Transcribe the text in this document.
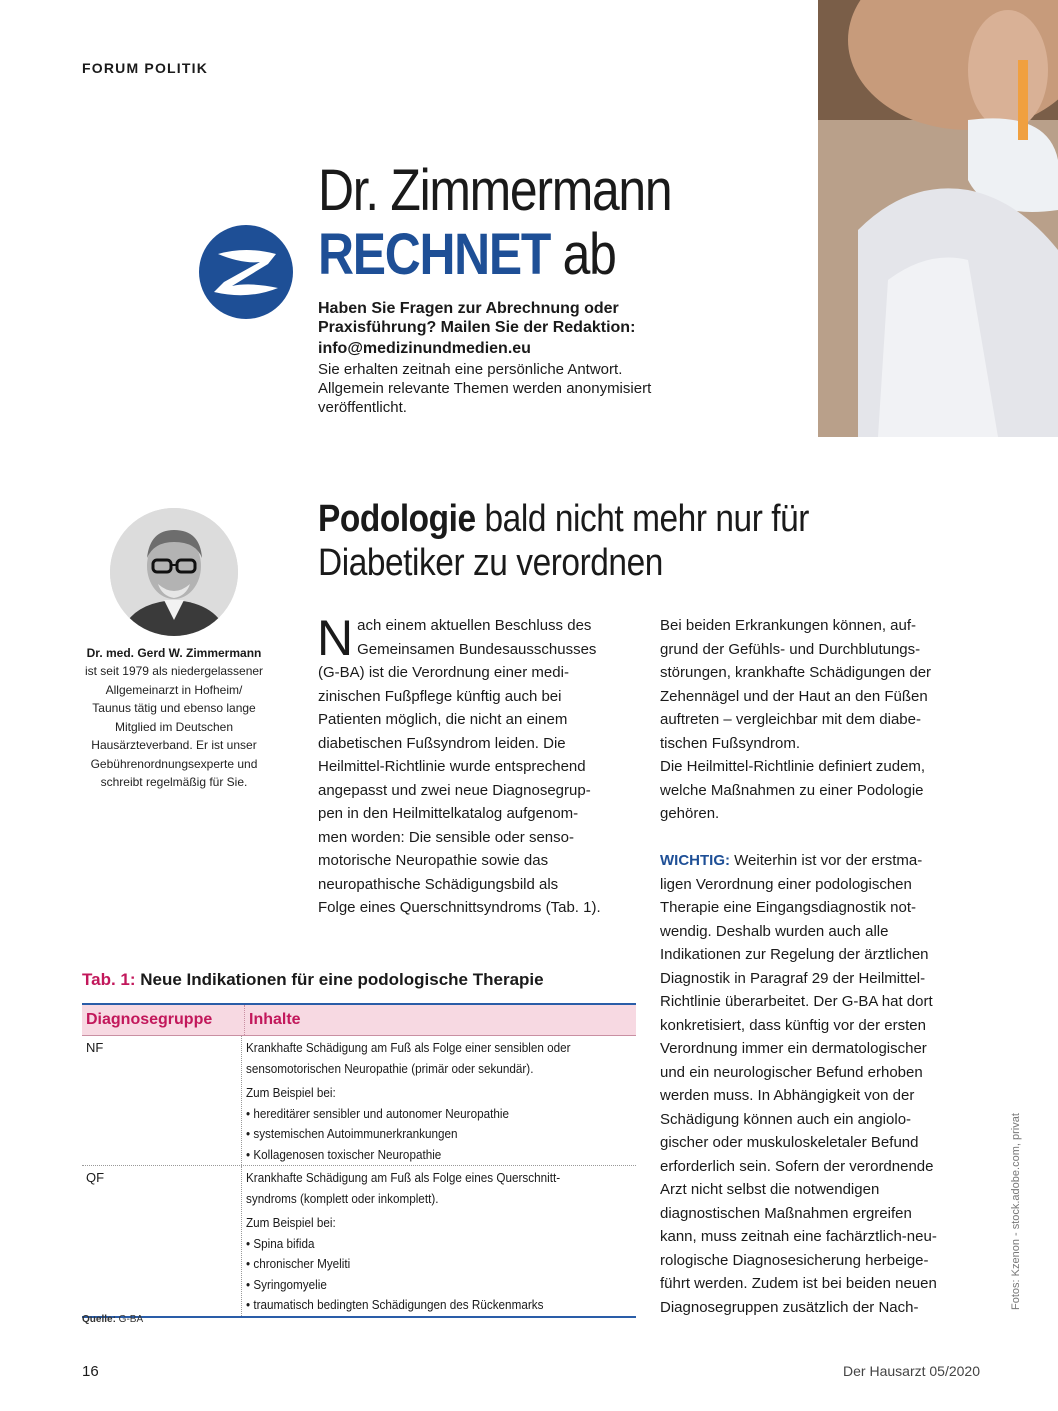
FORUM POLITIK
Dr. Zimmermann
RECHNET ab
Haben Sie Fragen zur Abrechnung oder
Praxisführung? Mailen Sie der Redaktion:
info@medizinundmedien.eu
Sie erhalten zeitnah eine persönliche Antwort.
Allgemein relevante Themen werden anonymisiert
veröffentlicht.
Dr. med. Gerd W. Zimmermann
ist seit 1979 als niedergelassener
Allgemeinarzt in Hofheim/
Taunus tätig und ebenso lange
Mitglied im Deutschen
Hausärzteverband. Er ist unser
Gebührenordnungsexperte und
schreibt regelmäßig für Sie.
Podologie bald nicht mehr nur für
Diabetiker zu verordnen
N ach einem aktuellen Beschluss des
Gemeinsamen Bundesausschusses
(G-BA) ist die Verordnung einer medi-
zinischen Fußpflege künftig auch bei
Patienten möglich, die nicht an einem
diabetischen Fußsyndrom leiden. Die
Heilmittel-Richtlinie wurde entsprechend
angepasst und zwei neue Diagnosegrup-
pen in den Heilmittelkatalog aufgenom-
men worden: Die sensible oder senso-
motorische Neuropathie sowie das
neuropathische Schädigungsbild als
Folge eines Querschnittsyndroms (Tab. 1).

Bei beiden Erkrankungen können, auf-

grund der Gefühls- und Durchblutungs-

störungen, krankhafte Schädigungen der

Zehennägel und der Haut an den Füßen

auftreten – vergleichbar mit dem diabe-

tischen Fußsyndrom.

Die Heilmittel-Richtlinie definiert zudem,

welche Maßnahmen zu einer Podologie

gehören.

WICHTIG: Weiterhin ist vor der erstma-

ligen Verordnung einer podologischen

Therapie eine Eingangsdiagnostik not-

wendig. Deshalb wurden auch alle

Indikationen zur Regelung der ärztlichen

Diagnostik in Paragraf 29 der Heilmittel-

Richtlinie überarbeitet. Der G-BA hat dort

konkretisiert, dass künftig vor der ersten

Verordnung immer ein dermatologischer

und ein neurologischer Befund erhoben

werden muss. In Abhängigkeit von der

Schädigung können auch ein angiolo-

gischer oder muskuloskeletaler Befund

erforderlich sein. Sofern der verordnende

Arzt nicht selbst die notwendigen

diagnostischen Maßnahmen ergreifen

kann, muss zeitnah eine fachärztlich-neu-

rologische Diagnosesicherung herbeige-

führt werden. Zudem ist bei beiden neuen

Diagnosegruppen zusätzlich der Nach-

Tab. 1: Neue Indikationen für eine podologische Therapie
Diagnosegruppe	Inhalte
NF	Krankhafte Schädigung am Fuß als Folge einer sensiblen oder
sensomotorischen Neuropathie (primär oder sekundär).
Zum Beispiel bei:
• hereditärer sensibler und autonomer Neuropathie
• systemischen Autoimmunerkrankungen
• Kollagenosen toxischer Neuropathie
QF	Krankhafte Schädigung am Fuß als Folge eines Querschnitt-
syndroms (komplett oder inkomplett).
Zum Beispiel bei:
• Spina bifida
• chronischer Myeliti
• Syringomyelie
• traumatisch bedingten Schädigungen des Rückenmarks
Quelle: G-BA
16	Der Hausarzt 05/2020
Fotos: Kzenon - stock.adobe.com, privat
